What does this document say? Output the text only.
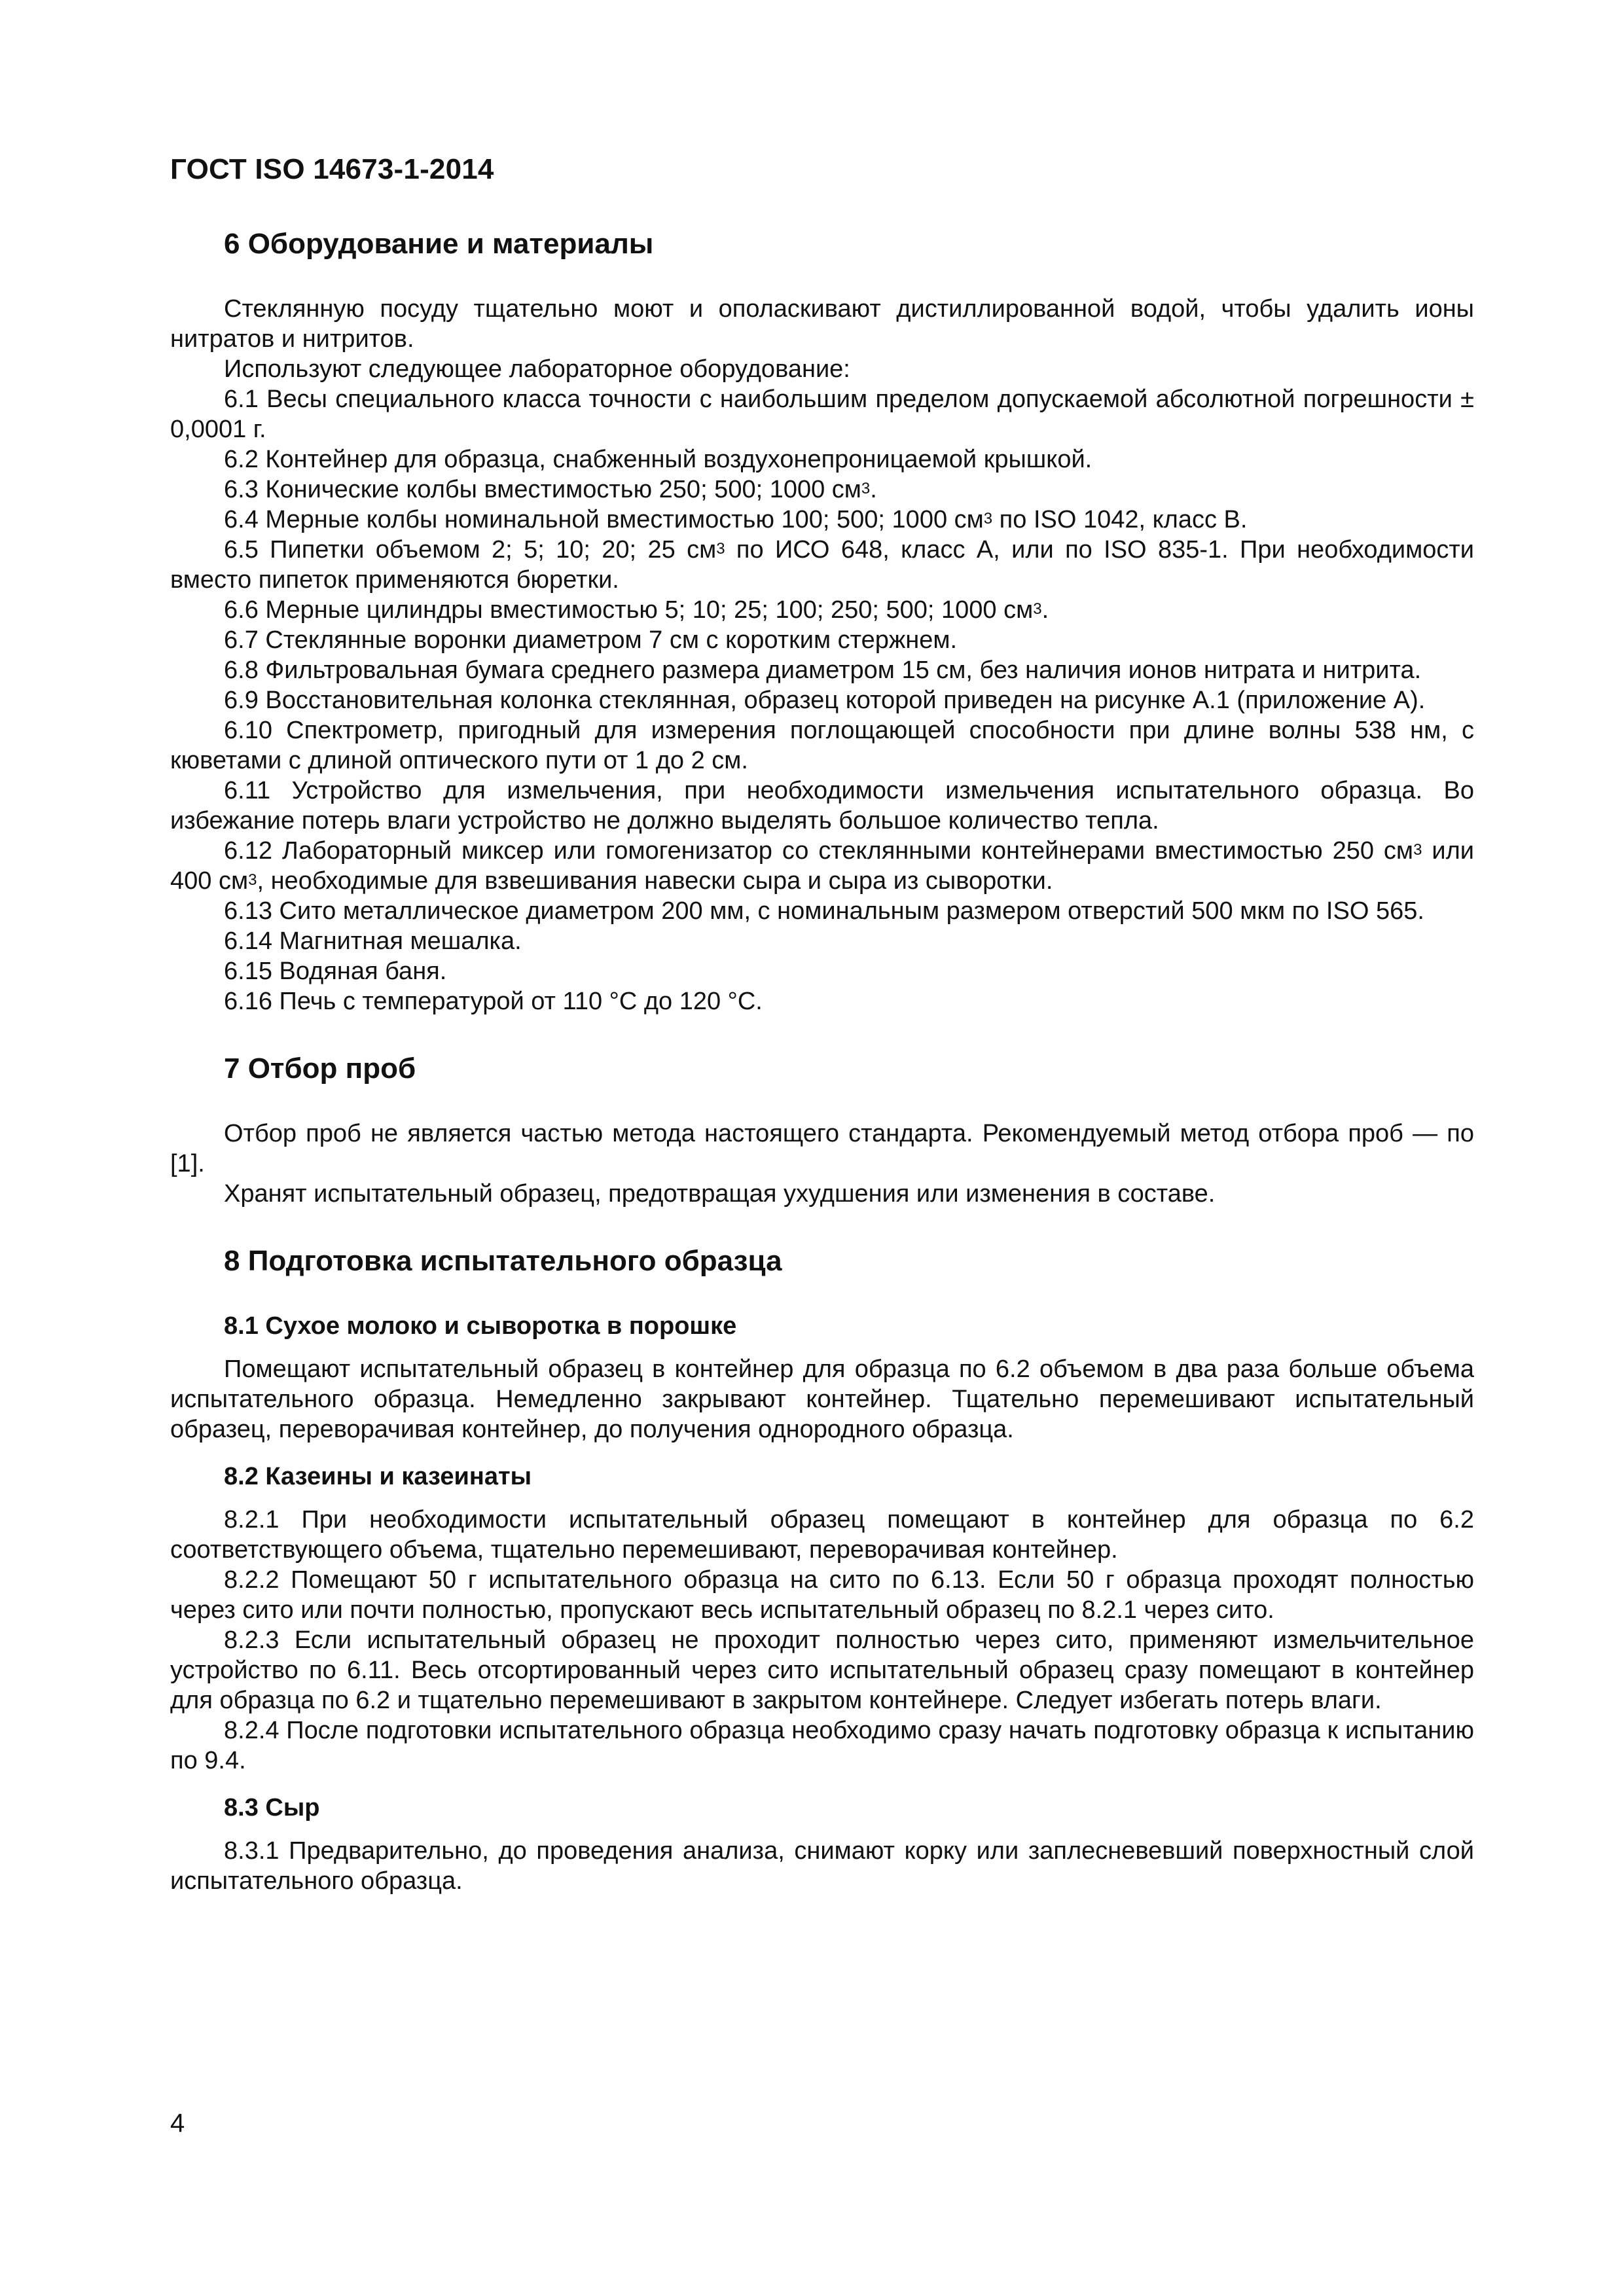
ГОСТ ISO 14673-1-2014
6 Оборудование и материалы

Стеклянную посуду тщательно моют и ополаскивают дистиллированной водой, чтобы удалить ионы нитратов и нитритов.

Используют следующее лабораторное оборудование:

6.1 Весы специального класса точности с наибольшим пределом допускаемой абсолютной погрешности ± 0,0001 г.

6.2 Контейнер для образца, снабженный воздухонепроницаемой крышкой.

6.3 Конические колбы вместимостью 250; 500; 1000 $см^3$.

6.4 Мерные колбы номинальной вместимостью 100; 500; 1000 $см^3$ по ISO 1042, класс В.

6.5 Пипетки объемом 2; 5; 10; 20; 25 $см^3$ по ИСО 648, класс А, или по ISO 835-1. При необходимости вместо пипеток применяются бюретки.

6.6 Мерные цилиндры вместимостью 5; 10; 25; 100; 250; 500; 1000 $см^3$.

6.7 Стеклянные воронки диаметром 7 см с коротким стержнем.

6.8 Фильтровальная бумага среднего размера диаметром 15 см, без наличия ионов нитрата и нитрита.

6.9 Восстановительная колонка стеклянная, образец которой приведен на рисунке А.1 (приложение А).

6.10 Спектрометр, пригодный для измерения поглощающей способности при длине волны 538 нм, с кюветами с длиной оптического пути от 1 до 2 см.

6.11 Устройство для измельчения, при необходимости измельчения испытательного образца. Во избежание потерь влаги устройство не должно выделять большое количество тепла.

6.12 Лабораторный миксер или гомогенизатор со стеклянными контейнерами вместимостью 250 $см^3$ или 400 $см^3$, необходимые для взвешивания навески сыра и сыра из сыворотки.

6.13 Сито металлическое диаметром 200 мм, с номинальным размером отверстий 500 мкм по ISO 565.

6.14 Магнитная мешалка.

6.15 Водяная баня.

6.16 Печь с температурой от 110 °С до 120 °С.

7 Отбор проб

Отбор проб не является частью метода настоящего стандарта. Рекомендуемый метод отбора проб — по [1].

Хранят испытательный образец, предотвращая ухудшения или изменения в составе.

8 Подготовка испытательного образца
8.1 Сухое молоко и сыворотка в порошке

Помещают испытательный образец в контейнер для образца по 6.2 объемом в два раза больше объема испытательного образца. Немедленно закрывают контейнер. Тщательно перемешивают испытательный образец, переворачивая контейнер, до получения однородного образца.

8.2 Казеины и казеинаты

8.2.1 При необходимости испытательный образец помещают в контейнер для образца по 6.2 соответствующего объема, тщательно перемешивают, переворачивая контейнер.

8.2.2 Помещают 50 г испытательного образца на сито по 6.13. Если 50 г образца проходят полностью через сито или почти полностью, пропускают весь испытательный образец по 8.2.1 через сито.

8.2.3 Если испытательный образец не проходит полностью через сито, применяют измельчительное устройство по 6.11. Весь отсортированный через сито испытательный образец сразу помещают в контейнер для образца по 6.2 и тщательно перемешивают в закрытом контейнере. Следует избегать потерь влаги.

8.2.4 После подготовки испытательного образца необходимо сразу начать подготовку образца к испытанию по 9.4.

8.3 Сыр

8.3.1 Предварительно, до проведения анализа, снимают корку или заплесневевший поверхностный слой испытательного образца.

4
